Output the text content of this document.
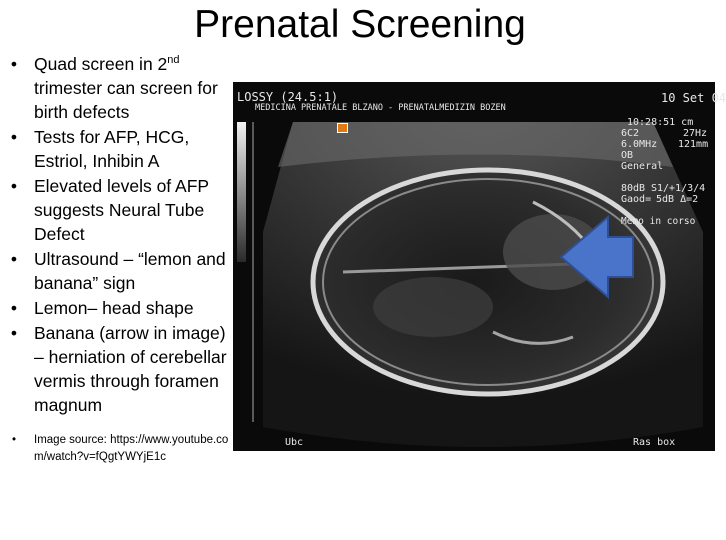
Prenatal Screening
• Quad screen in 2nd trimester can screen for birth defects
• Tests for AFP, HCG, Estriol, Inhibin A
• Elevated levels of AFP suggests Neural Tube Defect
• Ultrasound – “lemon and banana” sign
• Lemon– head shape
• Banana (arrow in image) – herniation of cerebellar vermis through foramen magnum
•	Image source: https://www.youtube.com/watch?v=fQgtYWYjE1c
LOSSY (24.5:1)
MEDICINA PRENATALE BLZANO - PRENATALMEDIZIN BOZEN
10 Set 04
10:28:51 cm
6C2	27Hz
6.0MHz 121mm
OB
General
80dB S1/+1/3/4
Gaod= 5dB Δ=2
Memo in corso
Ubc	Ras box
